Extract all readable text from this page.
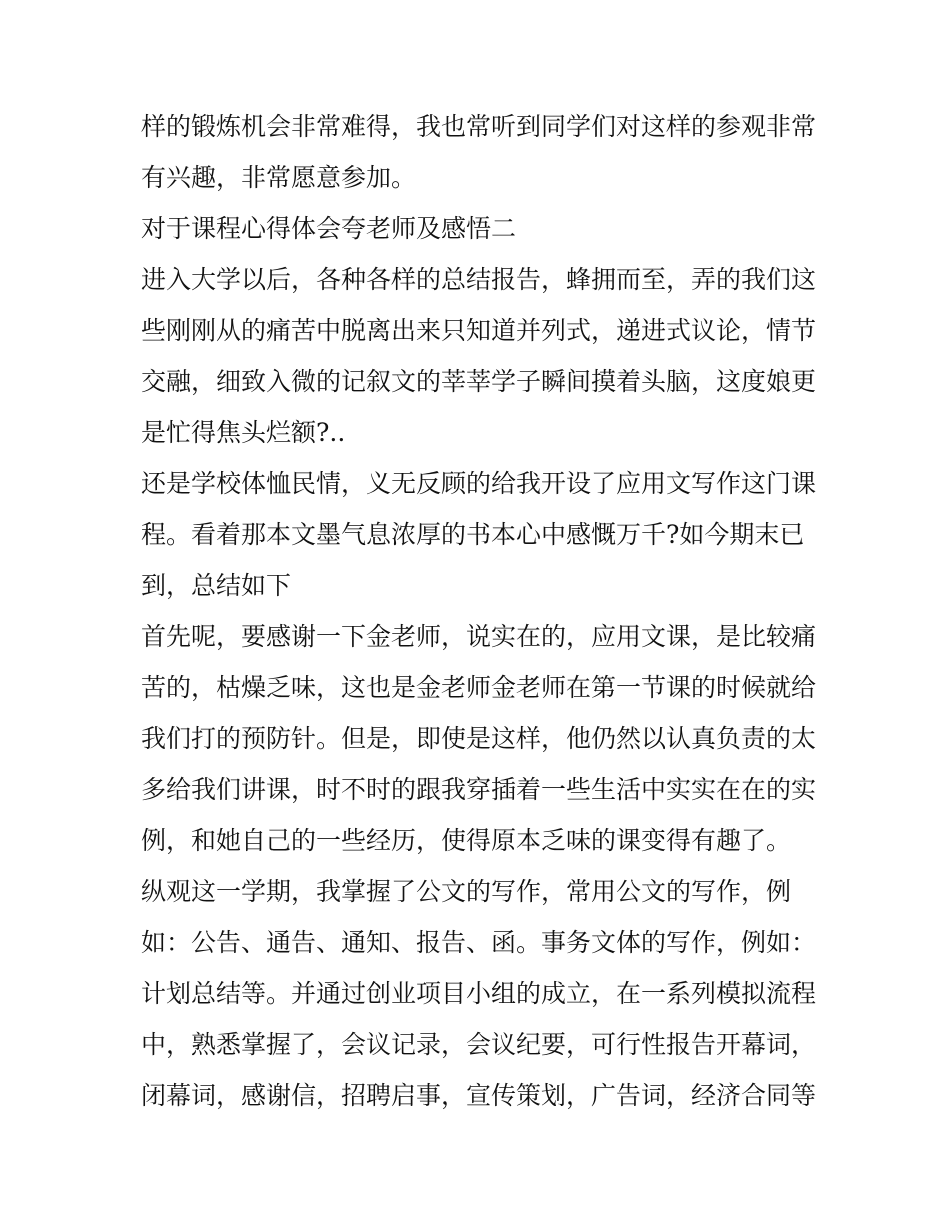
样的锻炼机会非常难得，我也常听到同学们对这样的参观非常

有兴趣，非常愿意参加。

对于课程心得体会夸老师及感悟二

进入大学以后，各种各样的总结报告，蜂拥而至，弄的我们这

些刚刚从的痛苦中脱离出来只知道并列式，递进式议论，情节

交融，细致入微的记叙文的莘莘学子瞬间摸着头脑，这度娘更

是忙得焦头烂额?..

还是学校体恤民情，义无反顾的给我开设了应用文写作这门课

程。看着那本文墨气息浓厚的书本心中感慨万千?如今期末已

到，总结如下

首先呢，要感谢一下金老师，说实在的，应用文课，是比较痛

苦的，枯燥乏味，这也是金老师金老师在第一节课的时候就给

我们打的预防针。但是，即使是这样，他仍然以认真负责的太

多给我们讲课，时不时的跟我穿插着一些生活中实实在在的实

例，和她自己的一些经历，使得原本乏味的课变得有趣了。

纵观这一学期，我掌握了公文的写作，常用公文的写作，例

如：公告、通告、通知、报告、函。事务文体的写作，例如：

计划总结等。并通过创业项目小组的成立，在一系列模拟流程

中，熟悉掌握了，会议记录，会议纪要，可行性报告开幕词，

闭幕词，感谢信，招聘启事，宣传策划，广告词，经济合同等
